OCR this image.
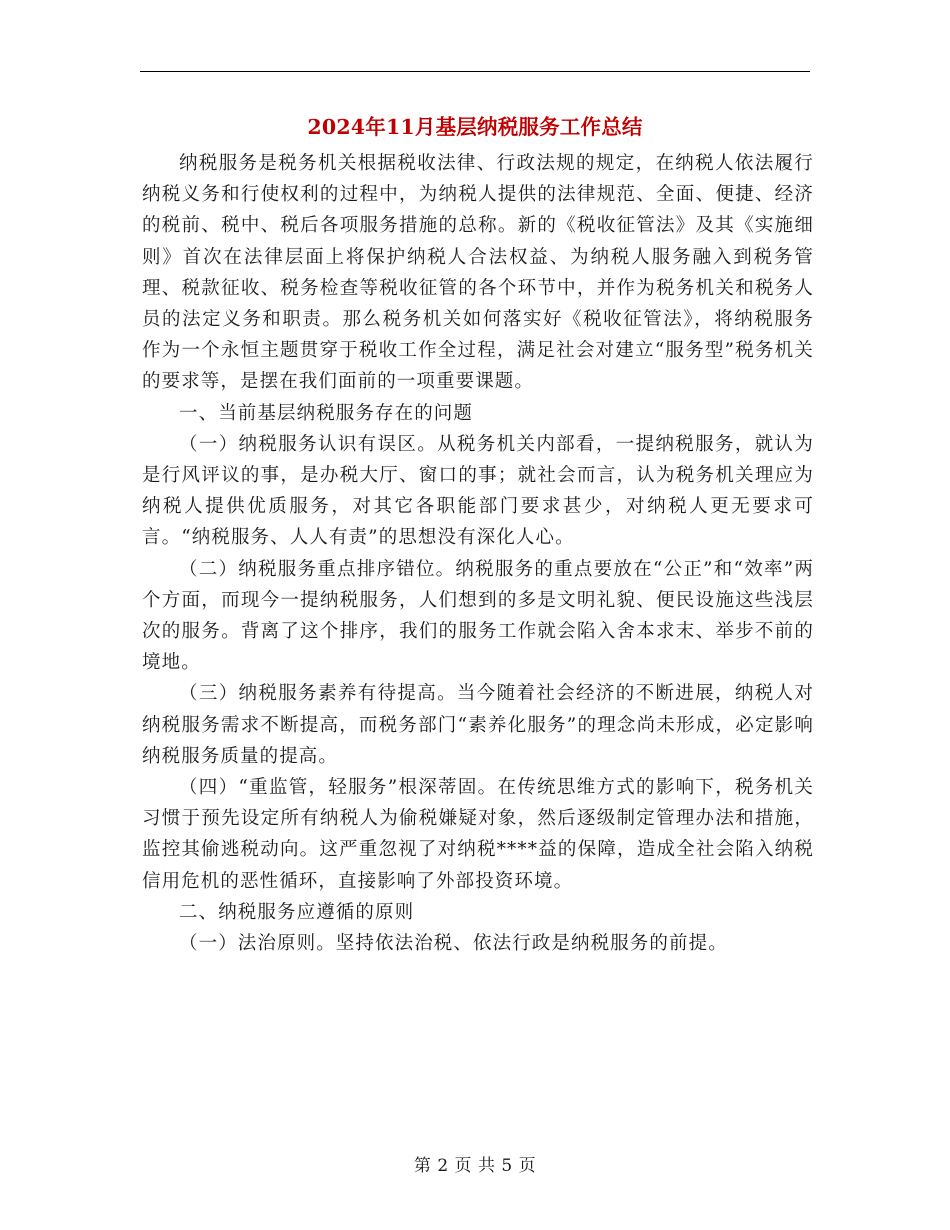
2024年11月基层纳税服务工作总结

纳税服务是税务机关根据税收法律、行政法规的规定，在纳税人依法履行纳税义务和行使权利的过程中，为纳税人提供的法律规范、全面、便捷、经济的税前、税中、税后各项服务措施的总称。新的《税收征管法》及其《实施细则》首次在法律层面上将保护纳税人合法权益、为纳税人服务融入到税务管理、税款征收、税务检查等税收征管的各个环节中，并作为税务机关和税务人员的法定义务和职责。那么税务机关如何落实好《税收征管法》，将纳税服务作为一个永恒主题贯穿于税收工作全过程，满足社会对建立“服务型”税务机关的要求等，是摆在我们面前的一项重要课题。

一、当前基层纳税服务存在的问题

（一）纳税服务认识有误区。从税务机关内部看，一提纳税服务，就认为是行风评议的事，是办税大厅、窗口的事；就社会而言，认为税务机关理应为纳税人提供优质服务，对其它各职能部门要求甚少，对纳税人更无要求可言。“纳税服务、人人有责”的思想没有深化人心。

（二）纳税服务重点排序错位。纳税服务的重点要放在“公正”和“效率”两个方面，而现今一提纳税服务，人们想到的多是文明礼貌、便民设施这些浅层次的服务。背离了这个排序，我们的服务工作就会陷入舍本求末、举步不前的境地。

（三）纳税服务素养有待提高。当今随着社会经济的不断进展，纳税人对纳税服务需求不断提高，而税务部门“素养化服务”的理念尚未形成，必定影响纳税服务质量的提高。

（四）“重监管，轻服务”根深蒂固。在传统思维方式的影响下，税务机关习惯于预先设定所有纳税人为偷税嫌疑对象，然后逐级制定管理办法和措施，监控其偷逃税动向。这严重忽视了对纳税****益的保障，造成全社会陷入纳税信用危机的恶性循环，直接影响了外部投资环境。

二、纳税服务应遵循的原则

（一）法治原则。坚持依法治税、依法行政是纳税服务的前提。

第 2 页 共 5 页
